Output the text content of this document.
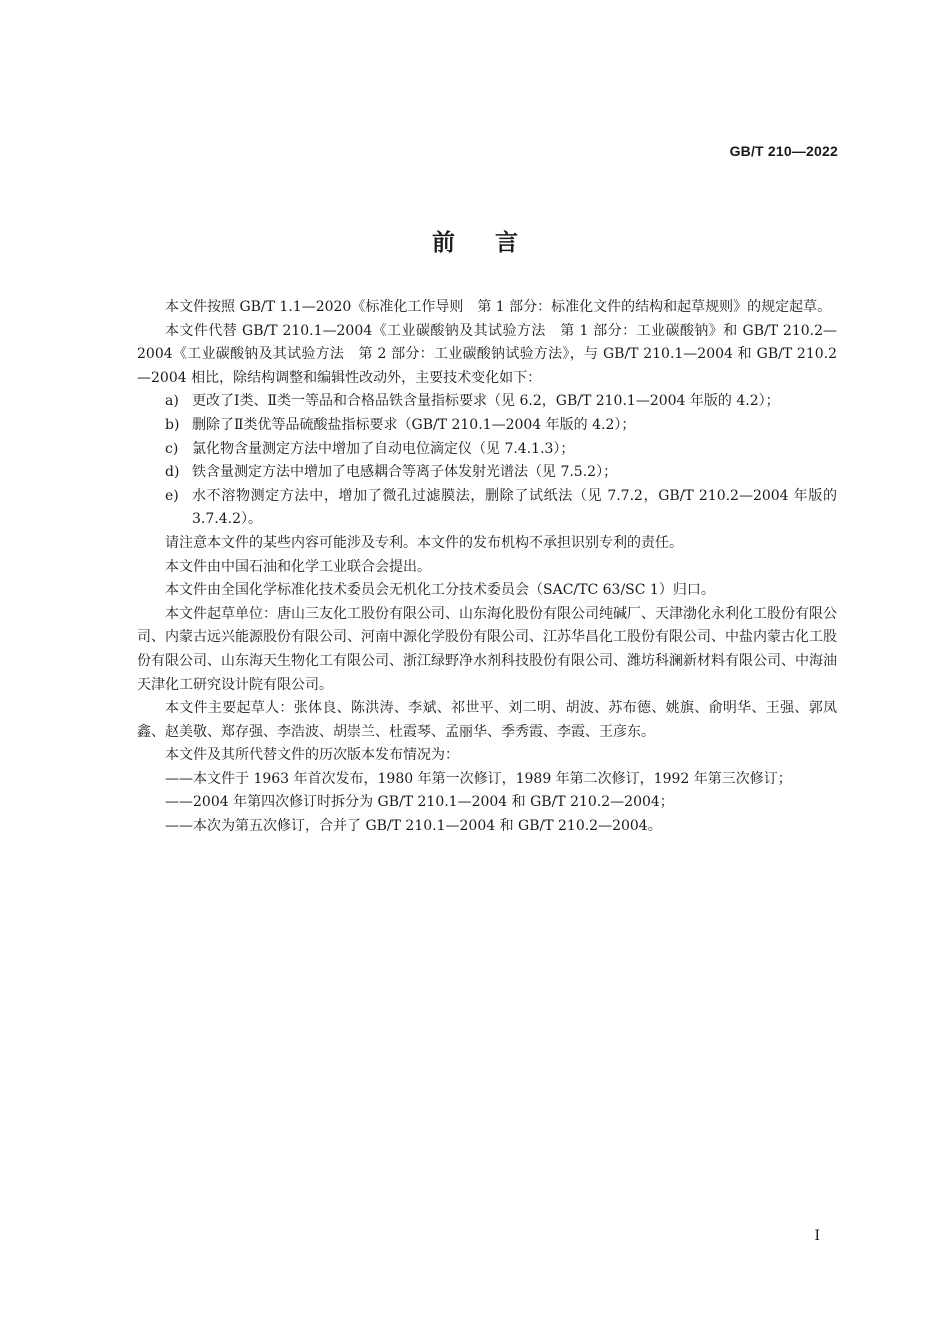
GB/T 210—2022
前言

本文件按照 GB/T 1.1—2020《标准化工作导则　第 1 部分：标准化文件的结构和起草规则》的规定起草。

本文件代替 GB/T 210.1—2004《工业碳酸钠及其试验方法　第 1 部分：工业碳酸钠》和 GB/T 210.2—2004《工业碳酸钠及其试验方法　第 2 部分：工业碳酸钠试验方法》，与 GB/T 210.1—2004 和 GB/T 210.2—2004 相比，除结构调整和编辑性改动外，主要技术变化如下：

a) 更改了Ⅰ类、Ⅱ类一等品和合格品铁含量指标要求（见 6.2，GB/T 210.1—2004 年版的 4.2）；
b) 删除了Ⅱ类优等品硫酸盐指标要求（GB/T 210.1—2004 年版的 4.2）；
c) 氯化物含量测定方法中增加了自动电位滴定仪（见 7.4.1.3）；
d) 铁含量测定方法中增加了电感耦合等离子体发射光谱法（见 7.5.2）；
e) 水不溶物测定方法中，增加了微孔过滤膜法，删除了试纸法（见 7.7.2，GB/T 210.2—2004 年版的 3.7.4.2）。

请注意本文件的某些内容可能涉及专利。本文件的发布机构不承担识别专利的责任。

本文件由中国石油和化学工业联合会提出。

本文件由全国化学标准化技术委员会无机化工分技术委员会（SAC/TC 63/SC 1）归口。

本文件起草单位：唐山三友化工股份有限公司、山东海化股份有限公司纯碱厂、天津渤化永利化工股份有限公司、内蒙古远兴能源股份有限公司、河南中源化学股份有限公司、江苏华昌化工股份有限公司、中盐内蒙古化工股份有限公司、山东海天生物化工有限公司、浙江绿野净水剂科技股份有限公司、潍坊科澜新材料有限公司、中海油天津化工研究设计院有限公司。

本文件主要起草人：张体良、陈洪涛、李斌、祁世平、刘二明、胡波、苏布德、姚旗、俞明华、王强、郭凤鑫、赵美敬、郑存强、李浩波、胡崇兰、杜霞琴、孟丽华、季秀霞、李霞、王彦东。

本文件及其所代替文件的历次版本发布情况为：

——本文件于 1963 年首次发布，1980 年第一次修订，1989 年第二次修订，1992 年第三次修订；

——2004 年第四次修订时拆分为 GB/T 210.1—2004 和 GB/T 210.2—2004；

——本次为第五次修订，合并了 GB/T 210.1—2004 和 GB/T 210.2—2004。

I
